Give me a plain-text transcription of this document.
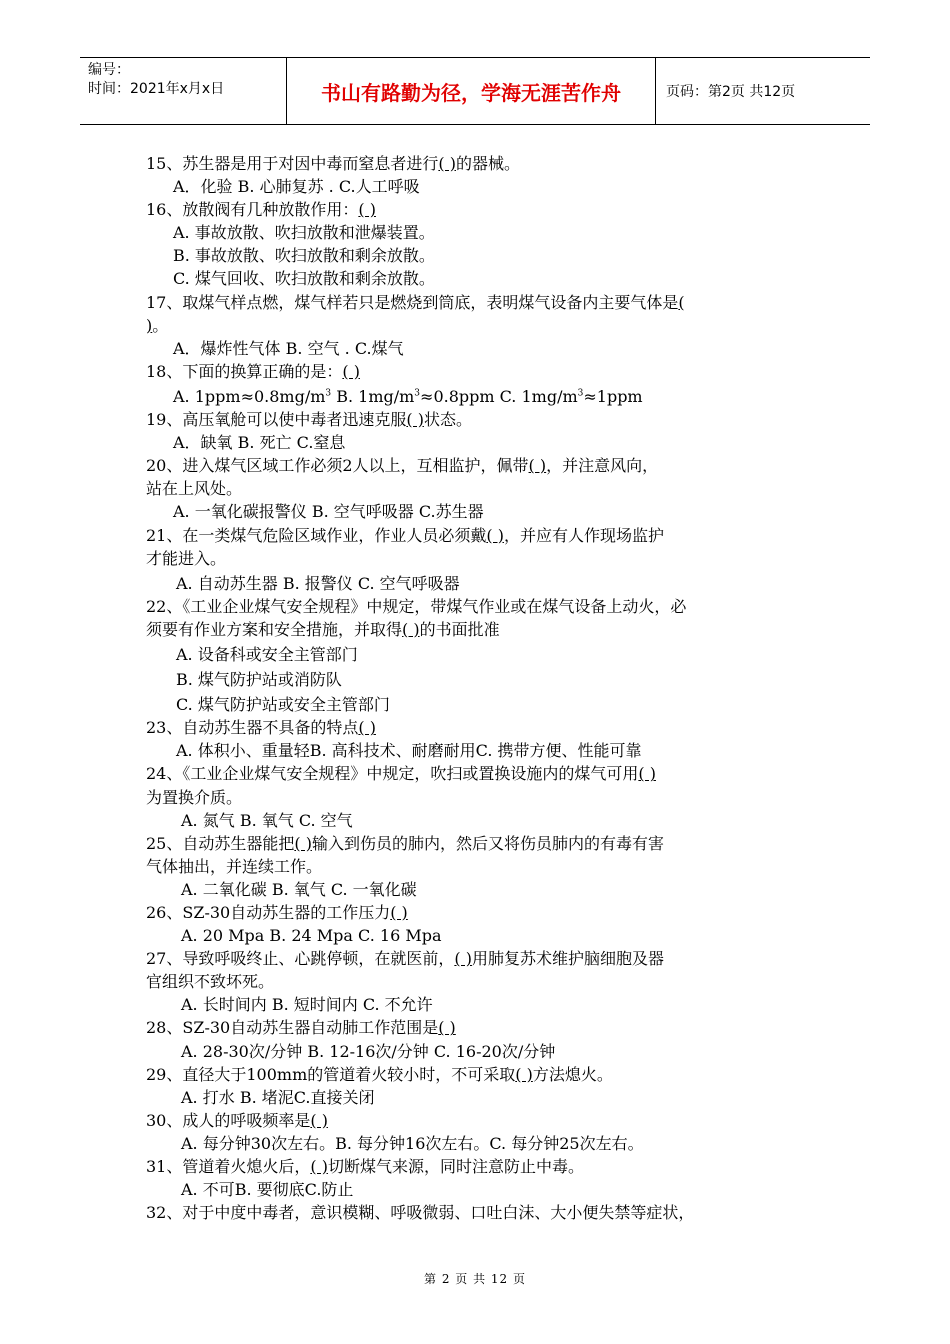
编号：
时间：2021年x月x日	书山有路勤为径，学海无涯苦作舟	页码：第2页 共12页
15、苏生器是用于对因中毒而窒息者进行( )的器械。
A．化验 B. 心肺复苏 . C.人工呼吸
16、放散阀有几种放散作用：( )
A. 事故放散、吹扫放散和泄爆装置。
B. 事故放散、吹扫放散和剩余放散。
C. 煤气回收、吹扫放散和剩余放散。
17、取煤气样点燃，煤气样若只是燃烧到筒底，表明煤气设备内主要气体是(
)。
A．爆炸性气体 B. 空气 . C.煤气
18、下面的换算正确的是：( )
A. $1ppm\approx 0.8mg/m^3$ B. $1mg/m^3\approx 0.8ppm$ C. $1mg/m^3\approx 1ppm$
19、高压氧舱可以使中毒者迅速克服( )状态。
A．缺氧 B. 死亡 C.窒息
20、进入煤气区域工作必须2人以上，互相监护，佩带( )，并注意风向，
站在上风处。
A. 一氧化碳报警仪 B. 空气呼吸器 C.苏生器
21、在一类煤气危险区域作业，作业人员必须戴( )，并应有人作现场监护
才能进入。
A. 自动苏生器 B. 报警仪 C. 空气呼吸器
22、《工业企业煤气安全规程》中规定，带煤气作业或在煤气设备上动火，必
须要有作业方案和安全措施，并取得( )的书面批准
A. 设备科或安全主管部门
B. 煤气防护站或消防队
C. 煤气防护站或安全主管部门
23、自动苏生器不具备的特点( )
A. 体积小、重量轻B. 高科技术、耐磨耐用C. 携带方便、性能可靠
24、《工业企业煤气安全规程》中规定，吹扫或置换设施内的煤气可用( )
为置换介质。
A. 氮气 B. 氧气 C. 空气
25、自动苏生器能把( )输入到伤员的肺内，然后又将伤员肺内的有毒有害
气体抽出，并连续工作。
A. 二氧化碳 B. 氧气 C. 一氧化碳
26、SZ-30自动苏生器的工作压力( )
A. 20 Mpa B. 24 Mpa C. 16 Mpa
27、导致呼吸终止、心跳停顿，在就医前，( )用肺复苏术维护脑细胞及器
官组织不致坏死。
A. 长时间内 B. 短时间内 C. 不允许
28、SZ-30自动苏生器自动肺工作范围是( )
A. 28-30次/分钟 B. 12-16次/分钟 C. 16-20次/分钟
29、直径大于100mm的管道着火较小时，不可采取( )方法熄火。
A. 打水 B. 堵泥C.直接关闭
30、成人的呼吸频率是( )
A. 每分钟30次左右。B. 每分钟16次左右。C. 每分钟25次左右。
31、管道着火熄火后，( )切断煤气来源，同时注意防止中毒。
A. 不可B. 要彻底C.防止
32、对于中度中毒者，意识模糊、呼吸微弱、口吐白沫、大小便失禁等症状，
第 2 页 共 12 页
